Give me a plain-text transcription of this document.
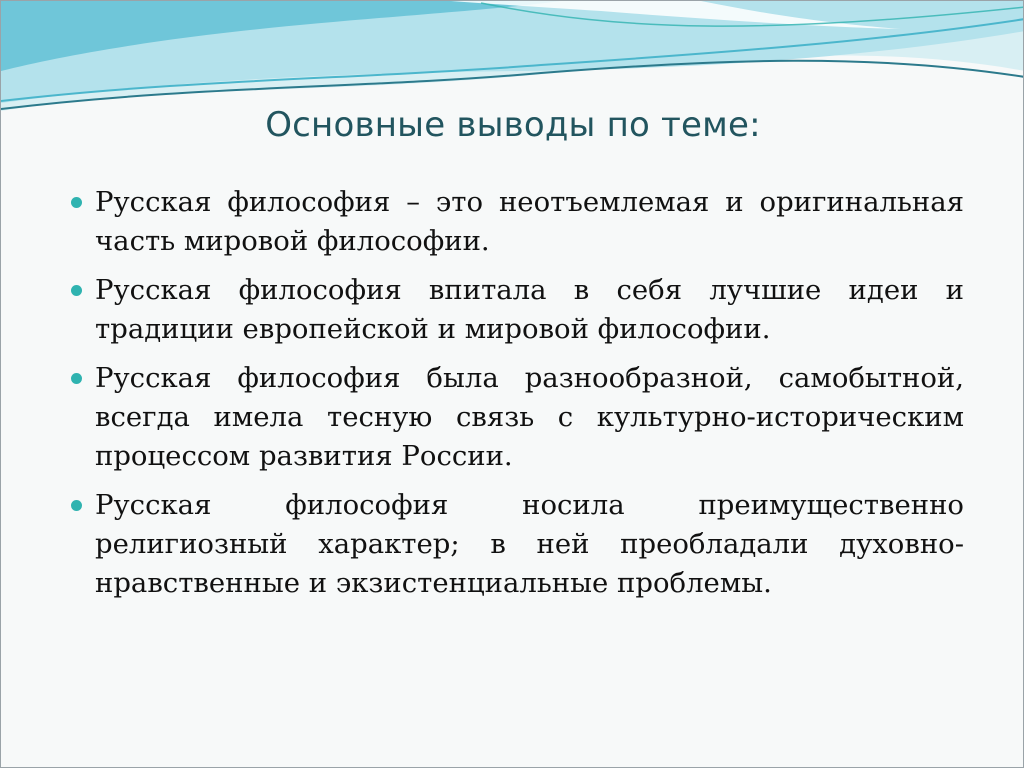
Основные выводы по теме:
Русская философия – это неотъемлемая и оригинальная часть мировой философии.
Русская философия впитала в себя лучшие идеи и традиции европейской и мировой философии.
Русская философия была разнообразной, самобытной, всегда имела тесную связь с культурно-историческим процессом развития России.
Русская философия носила преимущественно религиозный характер; в ней преобладали духовно-нравственные и экзистенциальные проблемы.
